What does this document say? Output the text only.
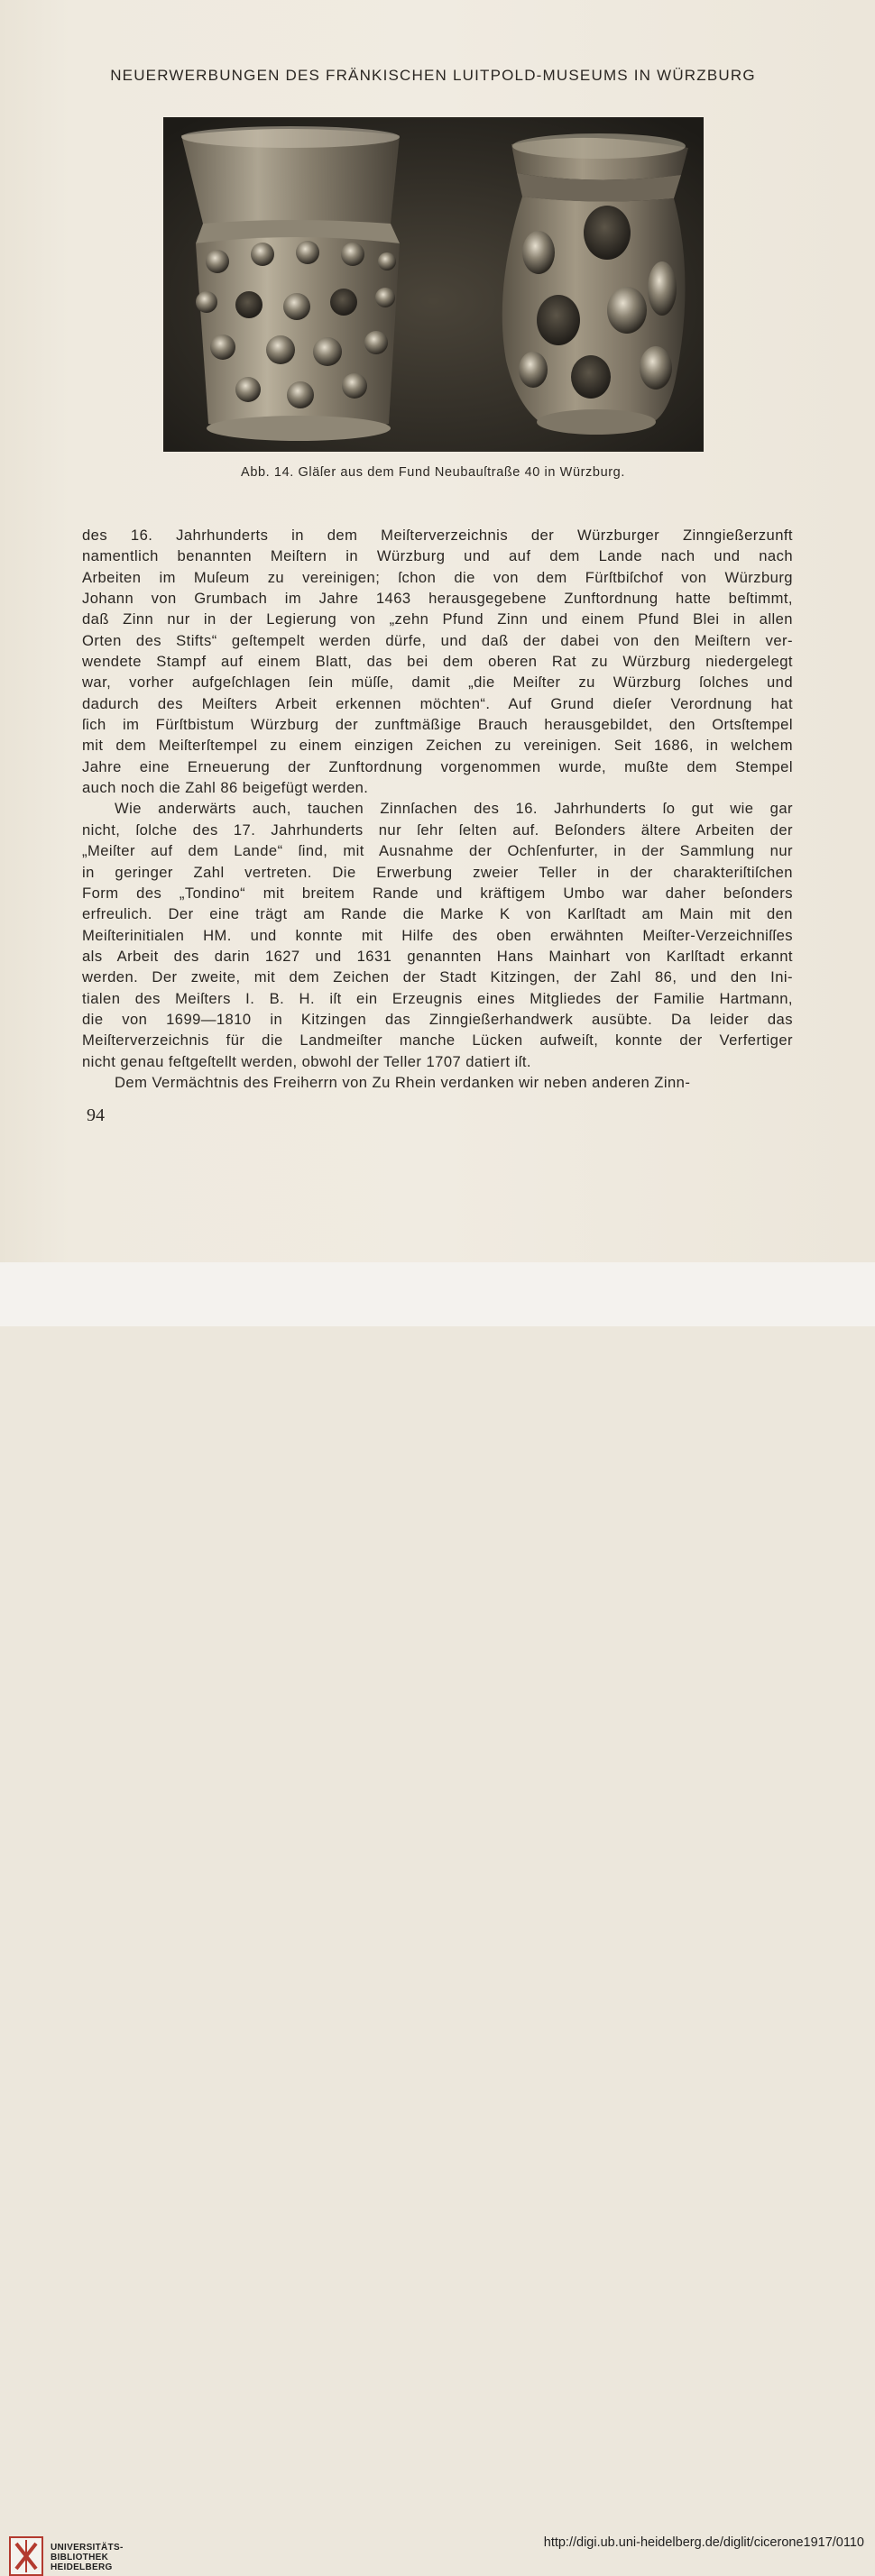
NEUERWERBUNGEN DES FRÄNKISCHEN LUITPOLD-MUSEUMS IN WÜRZBURG
Abb. 14. Gläſer aus dem Fund Neubauſtraße 40 in Würzburg.
des 16. Jahrhunderts in dem Meiſterverzeichnis der Würzburger Zinngießerzunft
namentlich benannten Meiſtern in Würzburg und auf dem Lande nach und nach
Arbeiten im Muſeum zu vereinigen; ſchon die von dem Fürſtbiſchof von Würzburg
Johann von Grumbach im Jahre 1463 herausgegebene Zunftordnung hatte beſtimmt,
daß Zinn nur in der Legierung von „zehn Pfund Zinn und einem Pfund Blei in allen
Orten des Stifts“ geſtempelt werden dürfe, und daß der dabei von den Meiſtern ver-
wendete Stampf auf einem Blatt, das bei dem oberen Rat zu Würzburg niedergelegt
war, vorher aufgeſchlagen ſein müſſe, damit „die Meiſter zu Würzburg ſolches und
dadurch des Meiſters Arbeit erkennen möchten“. Auf Grund dieſer Verordnung hat
ſich im Fürſtbistum Würzburg der zunftmäßige Brauch herausgebildet, den Ortsſtempel
mit dem Meiſterſtempel zu einem einzigen Zeichen zu vereinigen. Seit 1686, in welchem
Jahre eine Erneuerung der Zunftordnung vorgenommen wurde, mußte dem Stempel
auch noch die Zahl 86 beigefügt werden.
Wie anderwärts auch, tauchen Zinnſachen des 16. Jahrhunderts ſo gut wie gar
nicht, ſolche des 17. Jahrhunderts nur ſehr ſelten auf. Beſonders ältere Arbeiten der
„Meiſter auf dem Lande“ ſind, mit Ausnahme der Ochſenfurter, in der Sammlung nur
in geringer Zahl vertreten. Die Erwerbung zweier Teller in der charakteriſtiſchen
Form des „Tondino“ mit breitem Rande und kräftigem Umbo war daher beſonders
erfreulich. Der eine trägt am Rande die Marke K von Karlſtadt am Main mit den
Meiſterinitialen HM. und konnte mit Hilfe des oben erwähnten Meiſter-Verzeichniſſes
als Arbeit des darin 1627 und 1631 genannten Hans Mainhart von Karlſtadt erkannt
werden. Der zweite, mit dem Zeichen der Stadt Kitzingen, der Zahl 86, und den Ini-
tialen des Meiſters I. B. H. iſt ein Erzeugnis eines Mitgliedes der Familie Hartmann,
die von 1699—1810 in Kitzingen das Zinngießerhandwerk ausübte. Da leider das
Meiſterverzeichnis für die Landmeiſter manche Lücken aufweiſt, konnte der Verfertiger
nicht genau feſtgeſtellt werden, obwohl der Teller 1707 datiert iſt.
Dem Vermächtnis des Freiherrn von Zu Rhein verdanken wir neben anderen Zinn-
94
UNIVERSITÄTS-
BIBLIOTHEK
HEIDELBERG
http://digi.ub.uni-heidelberg.de/diglit/cicerone1917/0110
